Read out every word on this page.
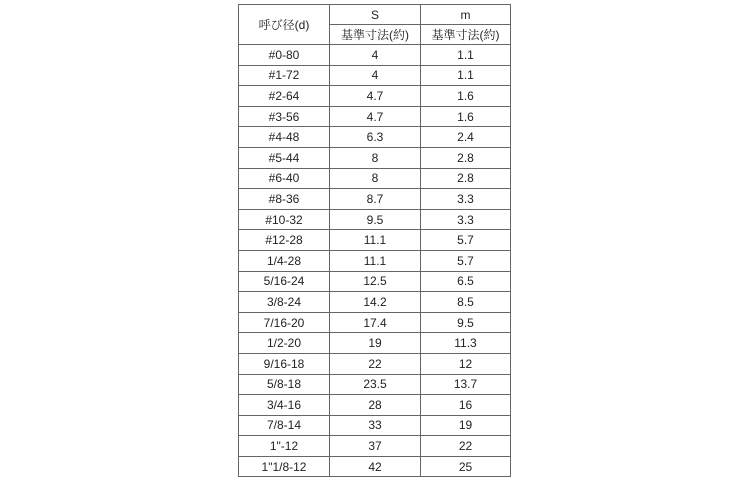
呼び径(d)	S	m
	基準寸法(約)	基準寸法(約)
#0-80	4	1.1
#1-72	4	1.1
#2-64	4.7	1.6
#3-56	4.7	1.6
#4-48	6.3	2.4
#5-44	8	2.8
#6-40	8	2.8
#8-36	8.7	3.3
#10-32	9.5	3.3
#12-28	11.1	5.7
1/4-28	11.1	5.7
5/16-24	12.5	6.5
3/8-24	14.2	8.5
7/16-20	17.4	9.5
1/2-20	19	11.3
9/16-18	22	12
5/8-18	23.5	13.7
3/4-16	28	16
7/8-14	33	19
1"-12	37	22
1"1/8-12	42	25
